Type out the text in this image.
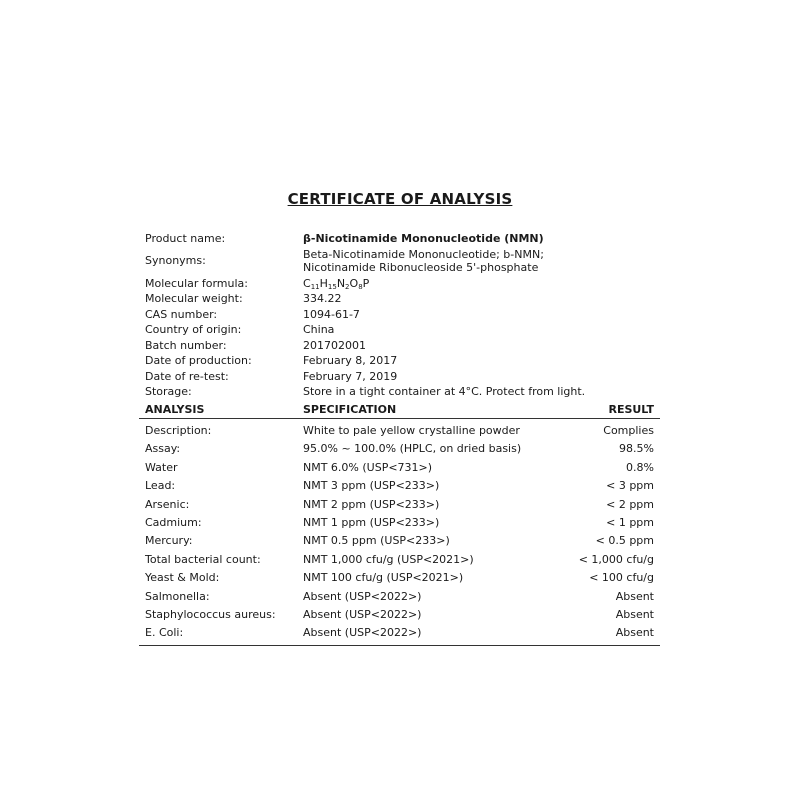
CERTIFICATE OF ANALYSIS
Product name:	β-Nicotinamide Mononucleotide (NMN)
Synonyms:
Beta-Nicotinamide Mononucleotide; b-NMN;
Nicotinamide Ribonucleoside 5'-phosphate
Molecular formula:	$C_{11}H_{15}N_2O_8P$
Molecular weight:	334.22
CAS number:	1094-61-7
Country of origin:	China
Batch number:	201702001
Date of production:	February 8, 2017
Date of re-test:	February 7, 2019
Storage:	Store in a tight container at 4°C. Protect from light.
ANALYSIS	SPECIFICATION	RESULT
Description:	White to pale yellow crystalline powder	Complies
Assay:	95.0% ~ 100.0% (HPLC, on dried basis)	98.5%
Water	NMT 6.0% (USP<731>)	0.8%
Lead:	NMT 3 ppm (USP<233>)	< 3 ppm
Arsenic:	NMT 2 ppm (USP<233>)	< 2 ppm
Cadmium:	NMT 1 ppm (USP<233>)	< 1 ppm
Mercury:	NMT 0.5 ppm (USP<233>)	< 0.5 ppm
Total bacterial count:	NMT 1,000 cfu/g (USP<2021>)	< 1,000 cfu/g
Yeast & Mold:	NMT 100 cfu/g (USP<2021>)	< 100 cfu/g
Salmonella:	Absent (USP<2022>)	Absent
Staphylococcus aureus:	Absent (USP<2022>)	Absent
E. Coli:	Absent (USP<2022>)	Absent
